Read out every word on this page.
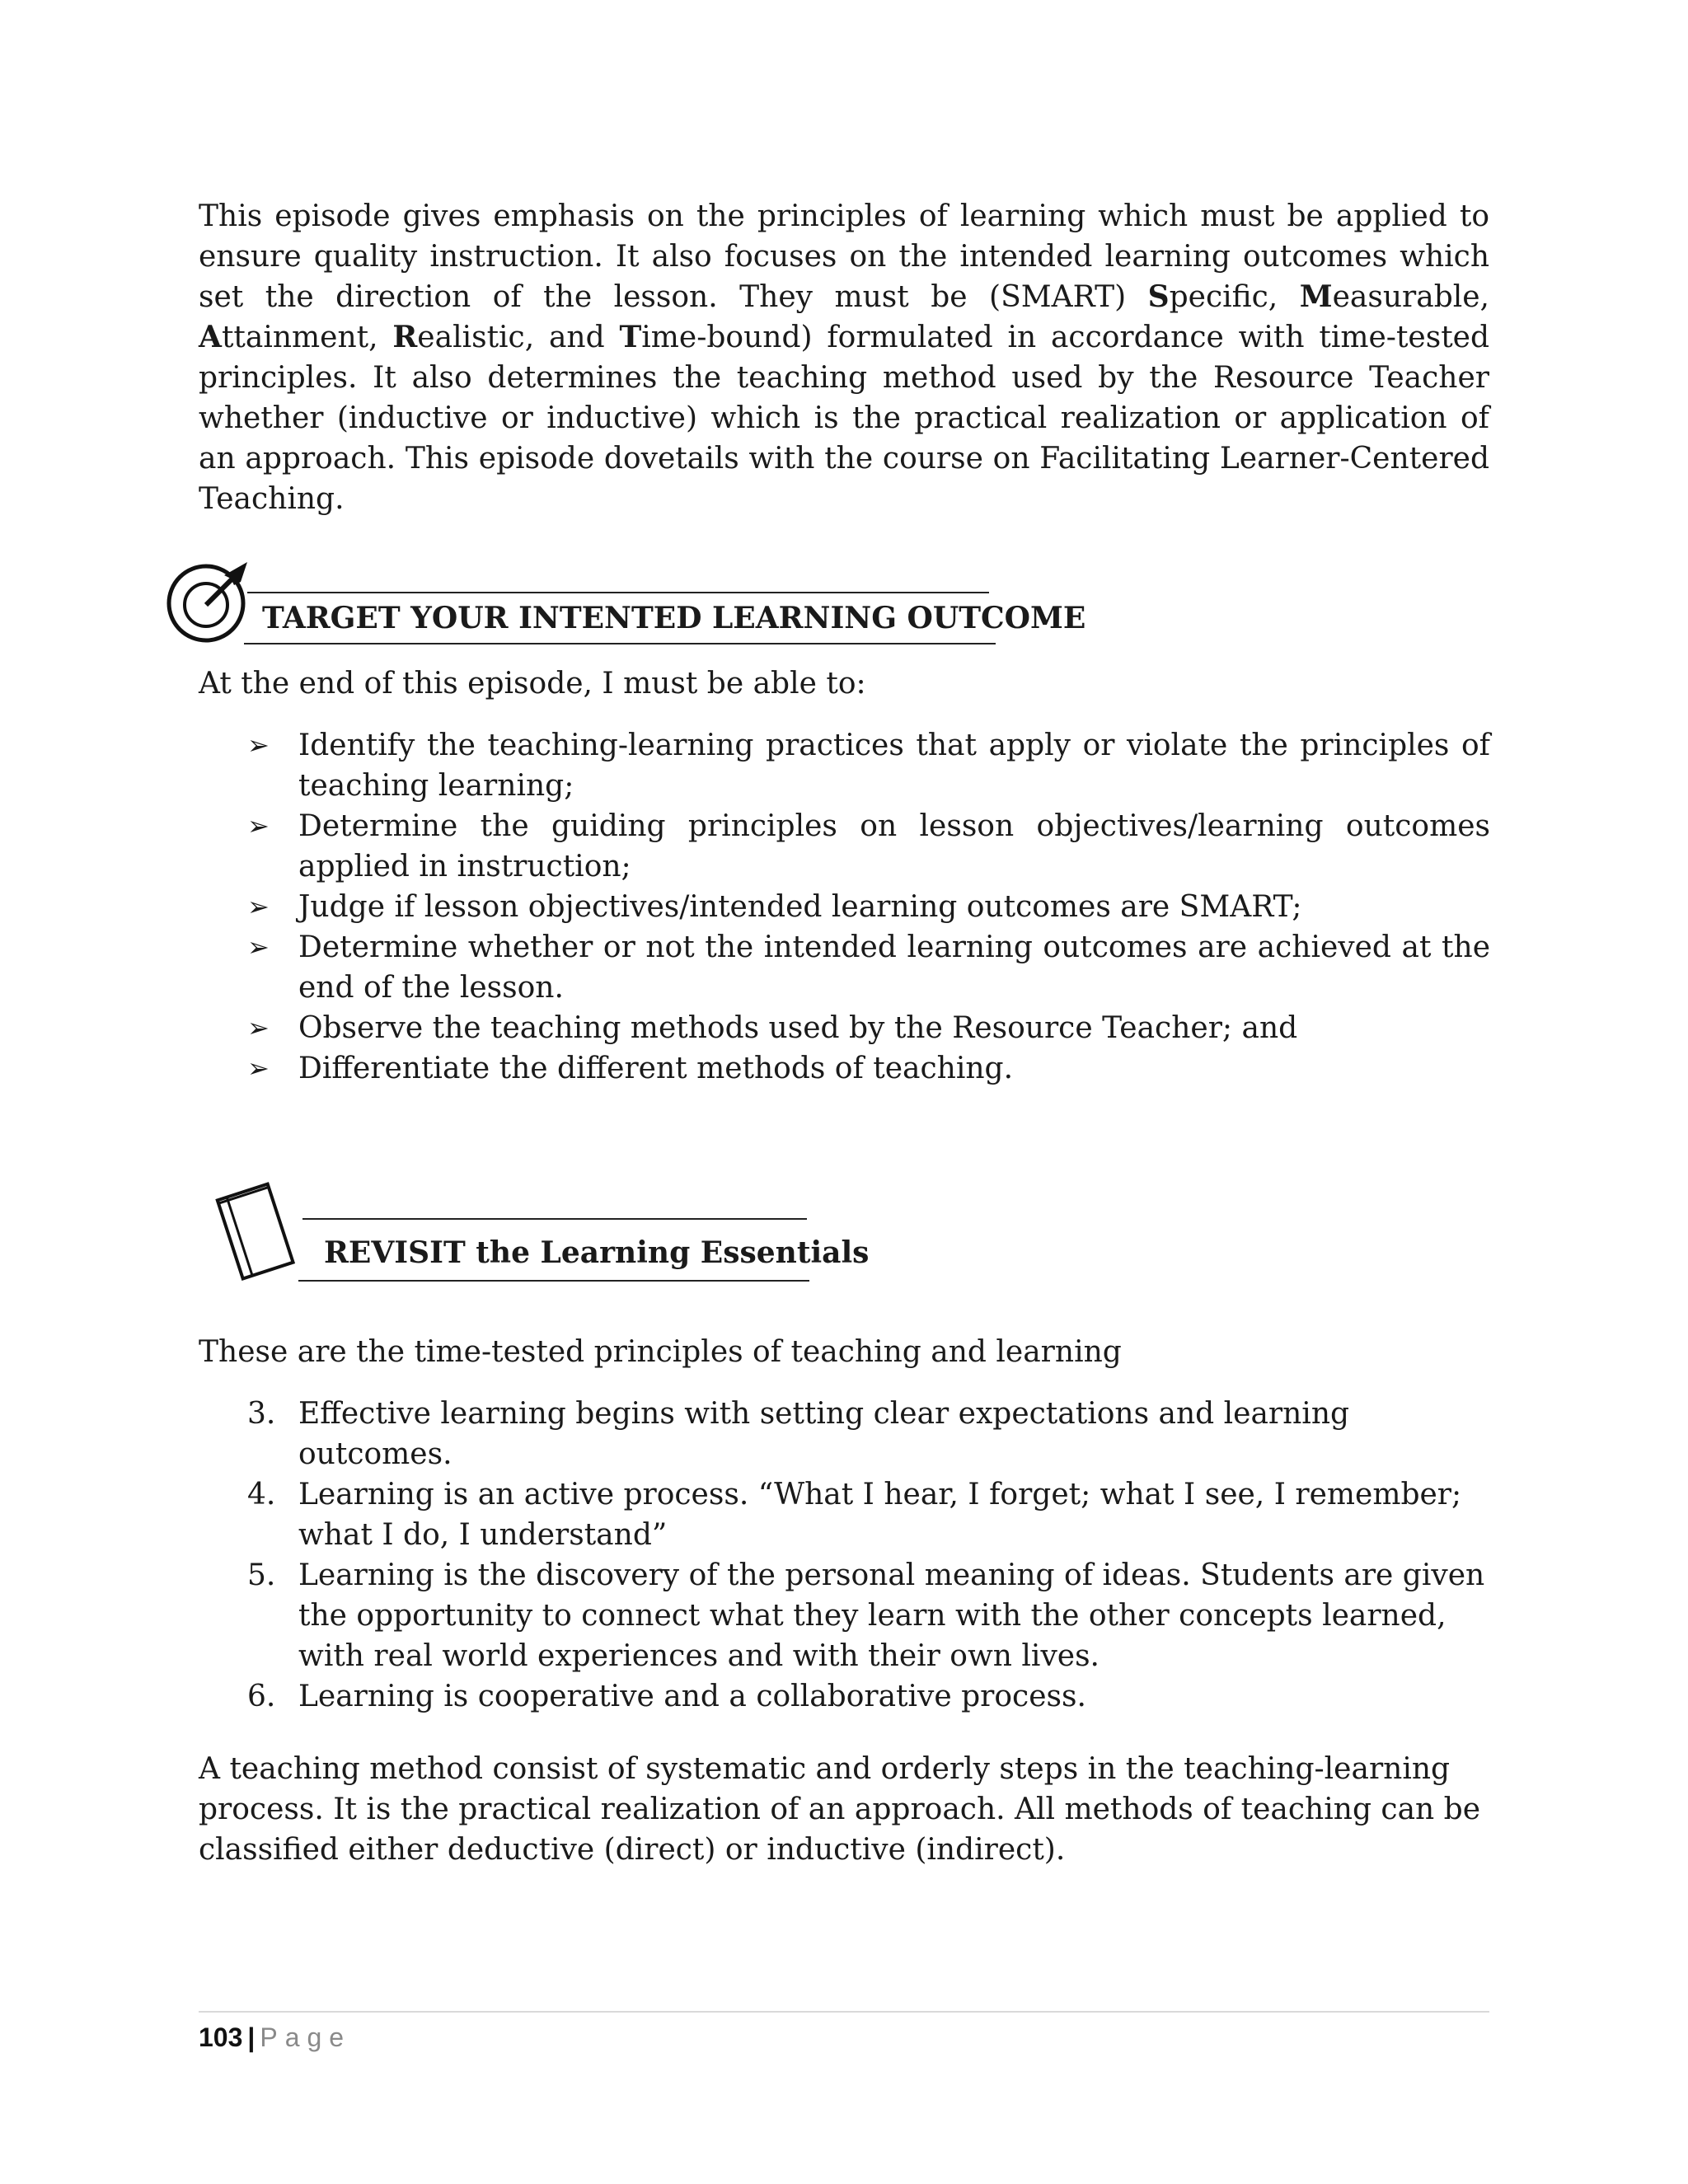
This episode gives emphasis on the principles of learning which must be applied to ensure quality instruction. It also focuses on the intended learning outcomes which set the direction of the lesson. They must be (SMART) Specific, Measurable, Attainment, Realistic, and Time-bound) formulated in accordance with time-tested principles. It also determines the teaching method used by the Resource Teacher whether (inductive or inductive) which is the practical realization or application of an approach. This episode dovetails with the course on Facilitating Learner-Centered Teaching.

TARGET YOUR INTENTED LEARNING OUTCOME

At the end of this episode, I must be able to:

➢ Identify the teaching-learning practices that apply or violate the principles of teaching learning;
➢ Determine the guiding principles on lesson objectives/learning outcomes applied in instruction;
➢ Judge if lesson objectives/intended learning outcomes are SMART;
➢ Determine whether or not the intended learning outcomes are achieved at the end of the lesson.
➢ Observe the teaching methods used by the Resource Teacher; and
➢ Differentiate the different methods of teaching.
REVISIT the Learning Essentials

These are the time-tested principles of teaching and learning

3. Effective learning begins with setting clear expectations and learning outcomes.
4. Learning is an active process. “What I hear, I forget; what I see, I remember; what I do, I understand”
5. Learning is the discovery of the personal meaning of ideas. Students are given the opportunity to connect what they learn with the other concepts learned, with real world experiences and with their own lives.
6. Learning is cooperative and a collaborative process.

A teaching method consist of systematic and orderly steps in the teaching-learning process. It is the practical realization of an approach. All methods of teaching can be classified either deductive (direct) or inductive (indirect).

103 | Page
